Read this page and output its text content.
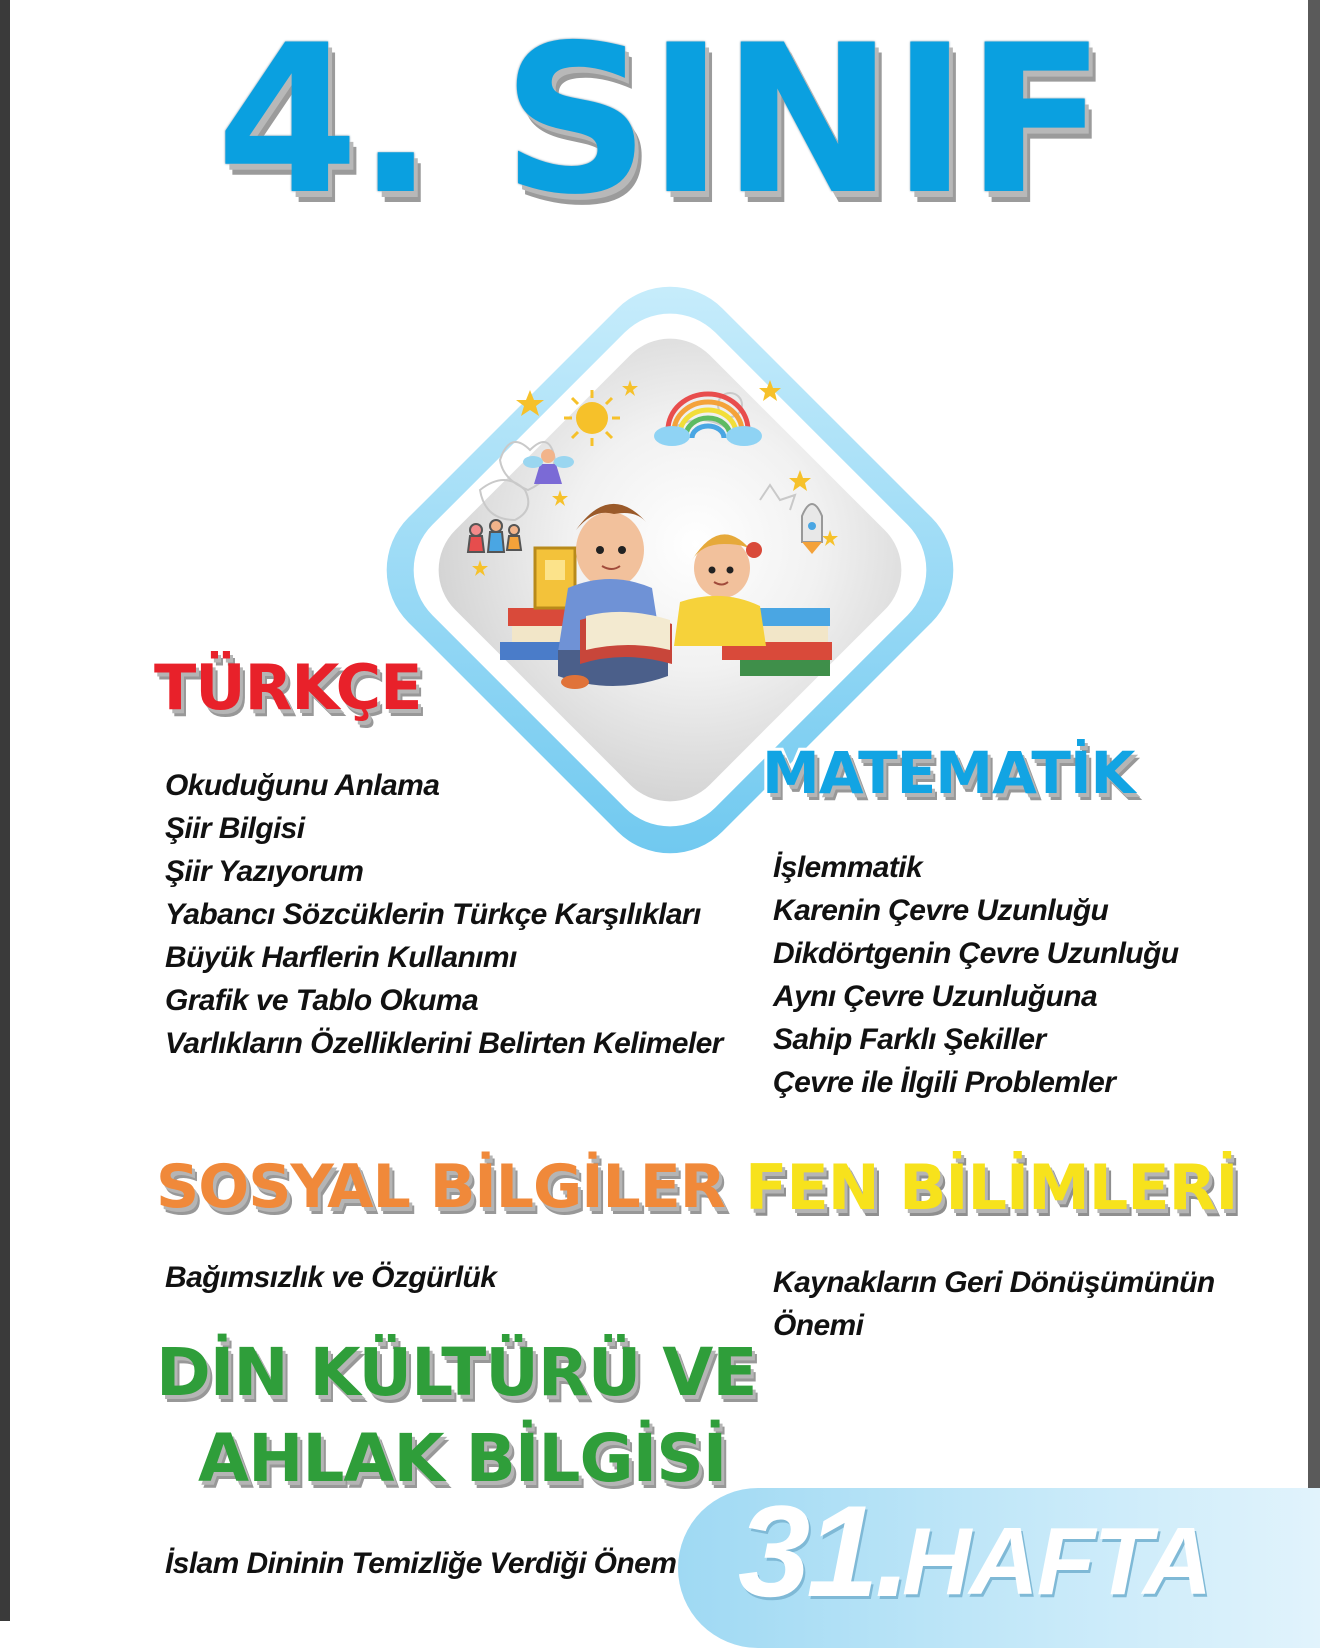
4. SINIF
TÜRKÇE
Okuduğunu Anlama
Şiir Bilgisi
Şiir Yazıyorum
Yabancı Sözcüklerin Türkçe Karşılıkları
Büyük Harflerin Kullanımı
Grafik ve Tablo Okuma
Varlıkların Özelliklerini Belirten Kelimeler
MATEMATİK
İşlemmatik
Karenin Çevre Uzunluğu
Dikdörtgenin Çevre Uzunluğu
Aynı Çevre Uzunluğuna
Sahip Farklı Şekiller
Çevre ile İlgili Problemler
SOSYAL BİLGİLER
Bağımsızlık ve Özgürlük
FEN BİLİMLERİ
Kaynakların Geri Dönüşümünün
Önemi
DİN KÜLTÜRÜ VE
AHLAK BİLGİSİ
İslam Dininin Temizliğe Verdiği Önem 31.
HAFTA
